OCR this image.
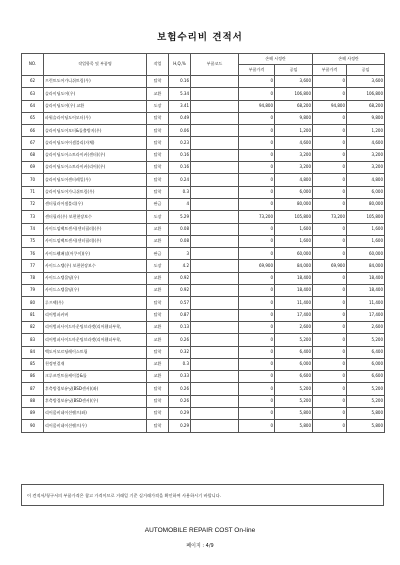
보험수리비 견적서
NO.	작업항목 및 부품명	작업	H,Q,%	부품코드	손해 시정란		손해 사정란	
					부품가격	공임	부품가격	공임
62	프런트도어가니쉬트림(우)	탈착	0.16		0	3,600	0	3,600
63	슬라이딩도어(우)	교환	5.34		0	106,800	0	106,800
64	슬라이딩도어(우) 교환	도장	3.41		94,800	68,200	94,800	68,200
65	파워슬라이딩도어모터(우)	탈착	0.49		0	9,800	0	9,800
66	슬라이딩도어모터&돌출방지(우)	탈착	0.06		0	1,200	0	1,200
67	슬라이딩도어어셈블리(자체)	탈착	0.23		0	4,600	0	4,600
68	슬라이딩도어스트라이커(센터)(우)	탈착	0.16		0	3,200	0	3,200
69	슬라이딩도어스트라이커(리어)(우)	탈착	0.16		0	3,200	0	3,200
70	슬라이딩도어센터레일(우)	탈착	0.24		0	4,800	0	4,800
71	슬라이딩도어가니쉬트림(우)	탈착	0.3		0	6,000	0	6,000
72	센터필러어셈블리(우)	판금	4		0	80,000	0	80,000
73	센터필러(우) 보편현장보수	도장	5.29		73,200	105,800	73,200	105,800
74	사이드임팩트센서(센터필러)(우)	교환	0.08		0	1,600	0	1,600
75	사이드임팩트센서(센터필러)(우)	교환	0.08		0	1,600	0	1,600
76	사이드웰패널(어쿠이)(우)	판금	3		0	60,000	0	60,000
77	사이드스텝(우) 보편현장보수	도장	4.2		69,900	84,000	69,900	84,000
78	사이드스텝몰딩(우)	교환	0.92		0	18,400	0	18,400
79	사이드스텝몰딩(우)	교환	0.92		0	18,400	0	18,400
80	루프팩(우)	탈착	0.57		0	11,400	0	11,400
81	리어범퍼커버	탈착	0.87		0	17,400	0	17,400
82	리어범퍼사이드마운팅브라켓(리어휀더부착,	교환	0.13		0	2,600	0	2,600
83	리어범퍼사이드마운팅브라켓(리어휀더부착,	교환	0.26		0	5,200	0	5,200
84	백도어모르딩레이스트립	탈착	0.32		0	6,400	0	6,400
85	천정연결재	교환	0.3		0	6,000	0	6,000
86	크루즈컨트롤케이블&틀	교환	0.33		0	6,600	0	6,600
87	후측방경보유닛(BSD센서)(좌)	탈착	0.26		0	5,200	0	5,200
88	후측방경보유닛(BSD센서)(우)	탈착	0.26		0	5,200	0	5,200
89	리어콤비네이션램프(좌)	탈착	0.29		0	5,800	0	5,800
90	리어콤비네이션램프(우)	탈착	0.29		0	5,800	0	5,800
이 견적서/청구서의 부품가격은 참고 가격이므로 거래일 기준 실거래가격을 확인하여 사용하시기 바랍니다.
AUTOMOBILE REPAIR COST On-line
페이지 : 4/9
